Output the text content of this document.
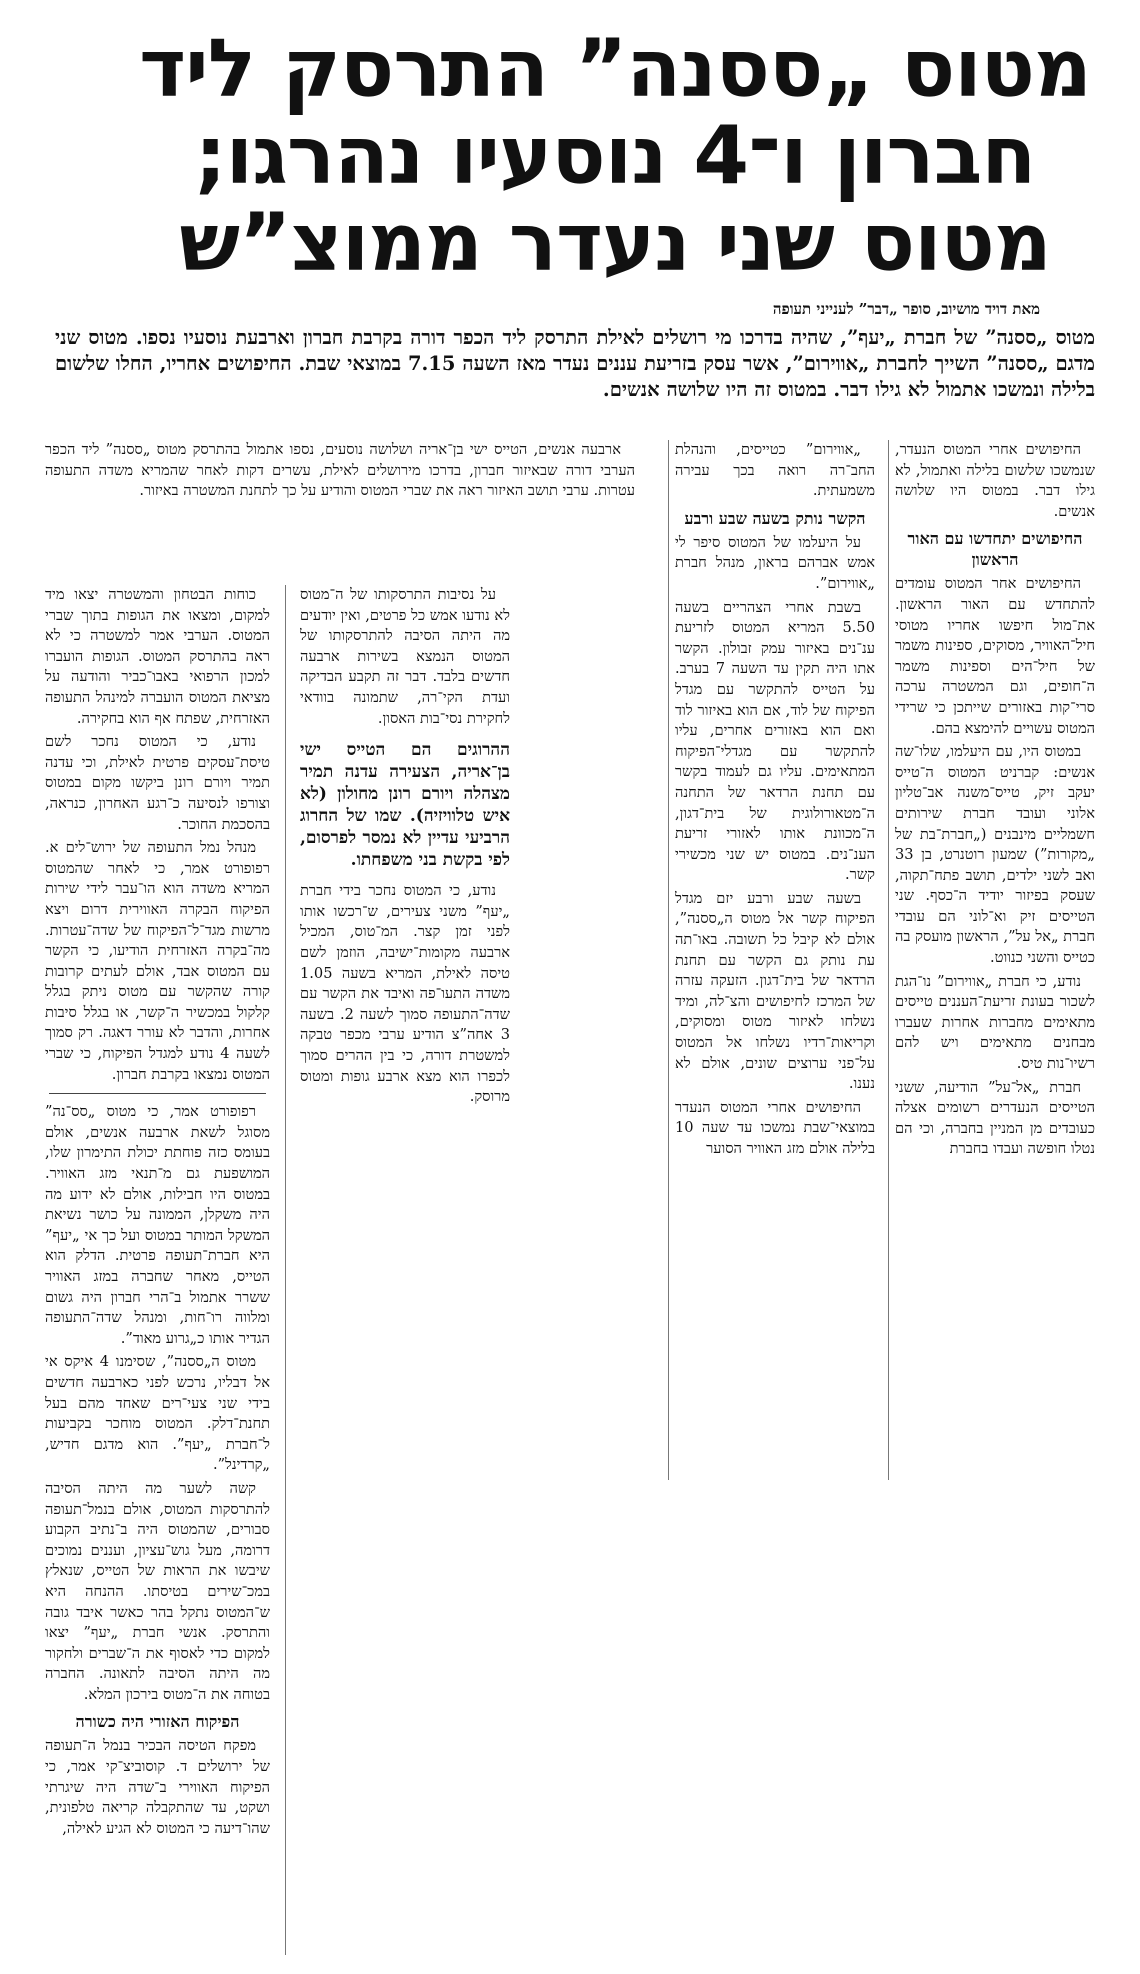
מטוס „ססנה” התרסק ליד
חברון ו־4 נוסעיו נהרגו;
מטוס שני נעדר ממוצ”ש
מאת דויד מושיוב, סופר „דבר” לענייני תעופה
מטוס „ססנה” של חברת „יעף”, שהיה בדרכו מי רושלים לאילת התרסק ליד הכפר דורה בקרבת חברון וארבעת נוסעיו נספו. מטוס שני מדגם „ססנה” השייך לחברת „אווירום”, אשר עסק בזריעת עננים נעדר מאז השעה 7.15 במוצאי שבת. החיפושים אחריו, החלו שלשום בלילה ונמשכו אתמול לא גילו דבר. במטוס זה היו שלושה אנשים.

החיפושים אחרי המטוס הנעדר, שנמשכו שלשום בלילה ואתמול, לא גילו דבר. במטוס היו שלושה אנשים.

החיפושים יתחדשו עם האור הראשון

החיפושים אחר המטוס עומדים להתחדש עם האור הראשון. את־מול חיפשו אחריו מטוסי חיל־האוויר, מסוקים, ספינות משמר של חיל־הים וספינות משמר ה־חופים, וגם המשטרה ערכה סרי־קות באזורים שייתכן כי שרידי המטוס עשויים להימצא בהם.

במטוס היו, עם היעלמו, שלו־שה אנשים: קברניט המטוס ה־טייס יעקב זיק, טייס־משנה אב־טליון אלוני ועובד חברת שירותים חשמליים מינבנים („חברת־בת של „מקורות”) שמעון רוטנרט, בן 33 ואב לשני ילדים, תושב פתח־תקוה, שעסק בפיזור יודיד ה־כסף. שני הטייסים זיק וא־לוני הם עובדי חברת „אל על”, הראשון מועסק בה כטייס והשני כנווט.

נודע, כי חברת „אווירום” נו־הגת לשכור בעונת זריעת־העננים טייסים מתאימים מחברות אחרות שעברו מבחנים מתאימים ויש להם רשיו־נות טיס.

חברת „אל־על” הודיעה, ששני הטייסים הנעדרים רשומים אצלה כעובדים מן המניין בחברה, וכי הם נטלו חופשה ועבדו בחברת

„אווירום” כטייסים, והנהלת החב־רה רואה בכך עבירה משמעתית.

הקשר נותק בשעה שבע ורבע

על היעלמו של המטוס סיפר לי אמש אברהם בראון, מנהל חברת „אווירום”.

בשבת אחרי הצהריים בשעה 5.50 המריא המטוס לזריעת ענ־נים באיזור עמק זבולון. הקשר אתו היה תקין עד השעה 7 בערב. על הטייס להתקשר עם מגדל הפיקוח של לוד, אם הוא באיזור לוד ואם הוא באזורים אחרים, עליו להתקשר עם מגדלי־הפיקוח המתאימים. עליו גם לעמוד בקשר עם תחנת הרדאר של התחנה ה־מטאורולוגית של בית־דגון, ה־מכוונת אותו לאזורי זריעת הענ־נים. במטוס יש שני מכשירי קשר.

בשעה שבע ורבע יזם מגדל הפיקוח קשר אל מטוס ה„ססנה”, אולם לא קיבל כל תשובה. באו־תה עת נותק גם הקשר עם תחנת הרדאר של בית־דגון. הזעקה עזרה של המרכז לחיפושים והצ־לה, ומיד נשלחו לאיזור מטוס ומסוקים, וקריאות־רדיו נשלחו אל המטוס על־פני ערוצים שונים, אולם לא נענו.

החיפושים אחרי המטוס הנעדר במוצאי־שבת נמשכו עד שעה 10 בלילה אולם מזג האוויר הסוער

ארבעה אנשים, הטייס ישי בן־אריה ושלושה נוסעים, נספו אתמול בהתרסק מטוס „ססנה” ליד הכפר הערבי דורה שבאיזור חברון, בדרכו מירושלים לאילת, עשרים דקות לאחר שהמריא משדה התעופה עטרות. ערבי תושב האיזור ראה את שברי המטוס והודיע על כך לתחנת המשטרה באיזור.

על נסיבות התרסקותו של ה־מטוס לא נודעו אמש כל פרטים, ואין יודעים מה היתה הסיבה להתרסקותו של המטוס הנמצא בשירות ארבעה חדשים בלבד. דבר זה תקבע הבדיקה ועדת הקי־רה, שתמונה בוודאי לחקירת נסי־בות האסון.

ההרוגים הם הטייס ישי בן־אריה, הצעירה עדנה תמיר מצהלה ויורם רונן מחולון (לא איש טלוויזיה). שמו של החרוג הרביעי עדיין לא נמסר לפרסום, לפי בקשת בני משפחתו.

נודע, כי המטוס נחכר בידי חברת „יעף” משני צעירים, ש־רכשו אותו לפני זמן קצר. המ־טוס, המכיל ארבעה מקומות־ישיבה, הוזמן לשם טיסה לאילת, המריא בשעה 1.05 משדה התעו־פה ואיבד את הקשר עם שדה־התעופה סמוך לשעה 2. בשעה 3 אחה”צ הודיע ערבי מכפר טבקה למשטרת דורה, כי בין ההרים סמוך לכפרו הוא מצא ארבע גופות ומטוס מרוסק.

כוחות הבטחון והמשטרה יצאו מיד למקום, ומצאו את הגופות בתוך שברי המטוס. הערבי אמר למשטרה כי לא ראה בהתרסק המטוס. הגופות הועברו למכון הרפואי באבו־כביר והודעה על מציאת המטוס הועברה למינהל התעופה האזרחית, שפתח אף הוא בחקירה.

נודע, כי המטוס נחכר לשם טיסת־עסקים פרטית לאילת, וכי עדנה תמיר ויורם רונן ביקשו מקום במטוס וצורפו לנסיעה כ־רגע האחרון, כנראה, בהסכמת החוכר.

מנהל נמל התעופה של ירוש־לים א. רפופורט אמר, כי לאחר שהמטוס המריא משדה הוא הו־עבר לידי שירות הפיקוח הבקרה האווירית דרום ויצא מרשות מגד־ל־הפיקוח של שדה־עטרות. מה־בקרה האזרחית הודיעו, כי הקשר עם המטוס אבד, אולם לעתים קרובות קורה שהקשר עם מטוס ניתק בגלל קלקול במכשיר ה־קשר, או בגלל סיבות אחרות, והדבר לא עורר דאגה. רק סמוך לשעה 4 נודע למגדל הפיקוח, כי שברי המטוס נמצאו בקרבת חברון.

רפופורט אמר, כי מטוס „סס־נה” מסוגל לשאת ארבעה אנשים, אולם בעומס כזה פוחתת יכולת התימרון שלו, המושפעת גם מ־תנאי מזג האוויר. במטוס היו חבילות, אולם לא ידוע מה היה משקלן, הממונה על כושר נשיאת המשקל המותר במטוס ועל כך אי „יעף” היא חברת־תעופה פרטית. הדלק הוא הטייס, מאחר שחברה במזג האוויר ששרר אתמול ב־הרי חברון היה גשום ומלווה רו־חות, ומנהל שדה־התעופה הגדיר אותו כ„גרוע מאוד”.

מטוס ה„ססנה”, שסימנו 4 איקס אי אל דבליו, נרכש לפני כארבעה חדשים בידי שני צעי־רים שאחד מהם בעל תחנת־דלק. המטוס מוחכר בקביעות ל־חברת „יעף”. הוא מדגם חדיש, „קרדינל”.

קשה לשער מה היתה הסיבה להתרסקות המטוס, אולם בנמל־תעופה סבורים, שהמטוס היה ב־נתיב הקבוע דרומה, מעל גוש־עציון, ועננים נמוכים שיבשו את הראות של הטייס, שנאלץ במכ־שירים בטיסתו. ההנחה היא ש־המטוס נתקל בהר כאשר איבד גובה והתרסק. אנשי חברת „יעף” יצאו למקום כדי לאסוף את ה־שברים ולחקור מה היתה הסיבה לתאונה. החברה בטוחה את ה־מטוס בירכון המלא.

הפיקוח האזורי היה כשורה

מפקח הטיסה הבכיר בנמל ה־תעופה של ירושלים ד. קוסוביצ־קי אמר, כי הפיקוח האווירי ב־שדה היה שיגרתי ושקט, עד שהתקבלה קריאה טלפונית, שהו־דיעה כי המטוס לא הגיע לאילה,
